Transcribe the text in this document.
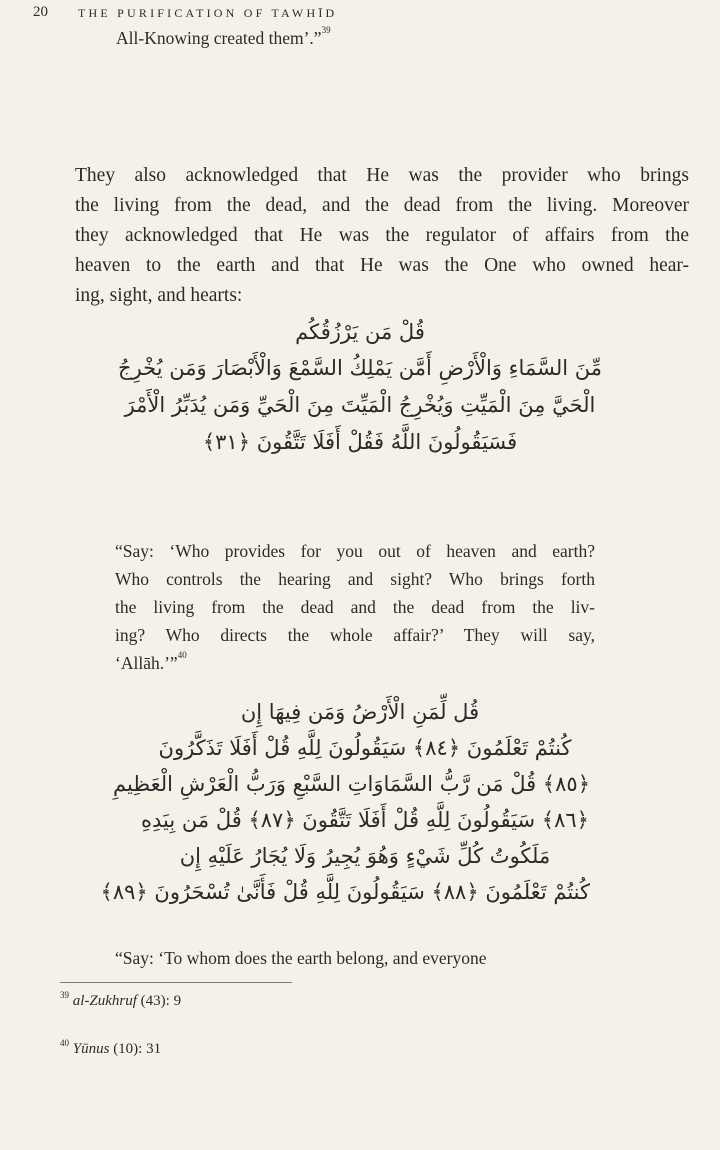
20	THE PURIFICATION OF TAWHĪD
All-Knowing created them’.”$^{39}$
They also acknowledged that He was the provider who brings
the living from the dead, and the dead from the living. Moreover
they acknowledged that He was the regulator of affairs from the
heaven to the earth and that He was the One who owned hear-
ing, sight, and hearts:
قُلْ مَن يَرْزُقُكُم
مِّنَ السَّمَاءِ وَالْأَرْضِ أَمَّن يَمْلِكُ السَّمْعَ وَالْأَبْصَارَ وَمَن يُخْرِجُ
الْحَيَّ مِنَ الْمَيِّتِ وَيُخْرِجُ الْمَيِّتَ مِنَ الْحَيِّ وَمَن يُدَبِّرُ الْأَمْرَ
فَسَيَقُولُونَ اللَّهُ فَقُلْ أَفَلَا تَتَّقُونَ ﴿٣١﴾
“Say: ‘Who provides for you out of heaven and earth?
Who controls the hearing and sight? Who brings forth
the living from the dead and the dead from the liv-
ing? Who directs the whole affair?’ They will say,
‘Allāh.’”$^{40}$
قُل لِّمَنِ الْأَرْضُ وَمَن فِيهَا إِن
كُنتُمْ تَعْلَمُونَ ﴿٨٤﴾ سَيَقُولُونَ لِلَّهِ قُلْ أَفَلَا تَذَكَّرُونَ
﴿٨٥﴾ قُلْ مَن رَّبُّ السَّمَاوَاتِ السَّبْعِ وَرَبُّ الْعَرْشِ الْعَظِيمِ
﴿٨٦﴾ سَيَقُولُونَ لِلَّهِ قُلْ أَفَلَا تَتَّقُونَ ﴿٨٧﴾ قُلْ مَن بِيَدِهِ
مَلَكُوتُ كُلِّ شَيْءٍ وَهُوَ يُجِيرُ وَلَا يُجَارُ عَلَيْهِ إِن
كُنتُمْ تَعْلَمُونَ ﴿٨٨﴾ سَيَقُولُونَ لِلَّهِ قُلْ فَأَنَّىٰ تُسْحَرُونَ ﴿٨٩﴾
“Say: ‘To whom does the earth belong, and everyone
$^{39}$ al-Zukhruf (43): 9
$^{40}$ Yūnus (10): 31
